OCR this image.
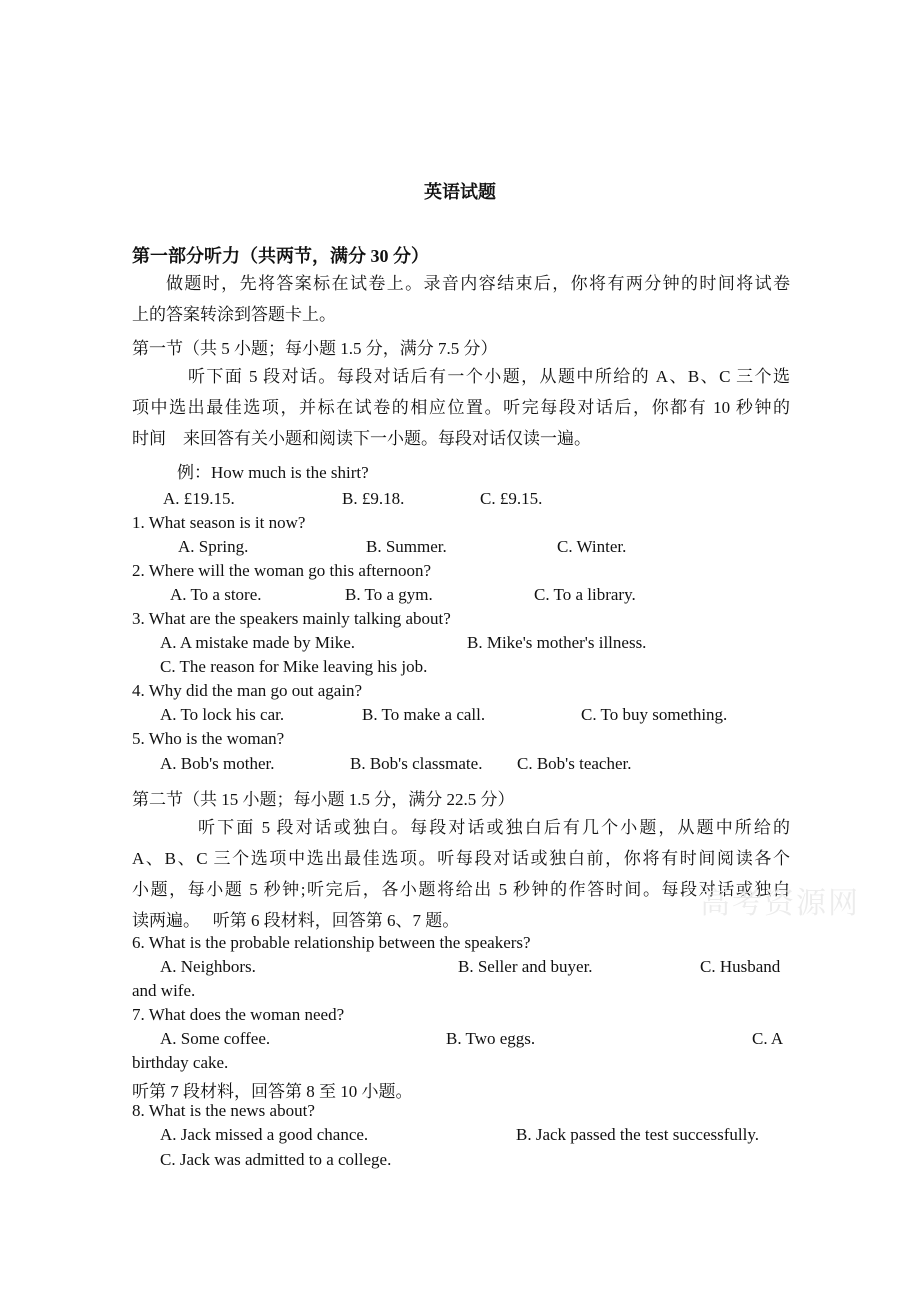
英语试题
第一部分听力（共两节，满分 30 分）

做题时，先将答案标在试卷上。录音内容结束后，你将有两分钟的时间将试卷

上的答案转涂到答题卡上。

第一节（共 5 小题；每小题 1.5 分，满分 7.5 分）

听下面 5 段对话。每段对话后有一个小题，从题中所给的 A、B、C 三个选

项中选出最佳选项，并标在试卷的相应位置。听完每段对话后，你都有 10 秒钟的

时间　来回答有关小题和阅读下一小题。每段对话仅读一遍。

例：How much is the shirt?
A. £19.15.	B. £9.18.	C. £9.15.
1. What season is it now?
A. Spring.	B. Summer.	C. Winter.
2. Where will the woman go this afternoon?
A. To a store.	B. To a gym.	C. To a library.
3. What are the speakers mainly talking about?
A. A mistake made by Mike.	B. Mike's mother's illness.
C. The reason for Mike leaving his job.
4. Why did the man go out again?
A. To lock his car.	B. To make a call.	C. To buy something.
5. Who is the woman?
A. Bob's mother.	B. Bob's classmate. C. Bob's teacher.
第二节（共 15 小题；每小题 1.5 分，满分 22.5 分）

听下面 5 段对话或独白。每段对话或独白后有几个小题，从题中所给的

A、B、C 三个选项中选出最佳选项。听每段对话或独白前，你将有时间阅读各个

小题，每小题 5 秒钟;听完后，各小题将给出 5 秒钟的作答时间。每段对话或独白

读两遍。　 听第 6 段材料，回答第 6、7 题。

高考资源网
6. What is the probable relationship between the speakers?
A. Neighbors.	B. Seller and buyer.	C. Husband
and wife.
7. What does the woman need?
A. Some coffee.	B. Two eggs.	C. A
birthday cake.
听第 7 段材料，回答第 8 至 10 小题。
8. What is the news about?
A. Jack missed a good chance.	B. Jack passed the test successfully.
C. Jack was admitted to a college.
